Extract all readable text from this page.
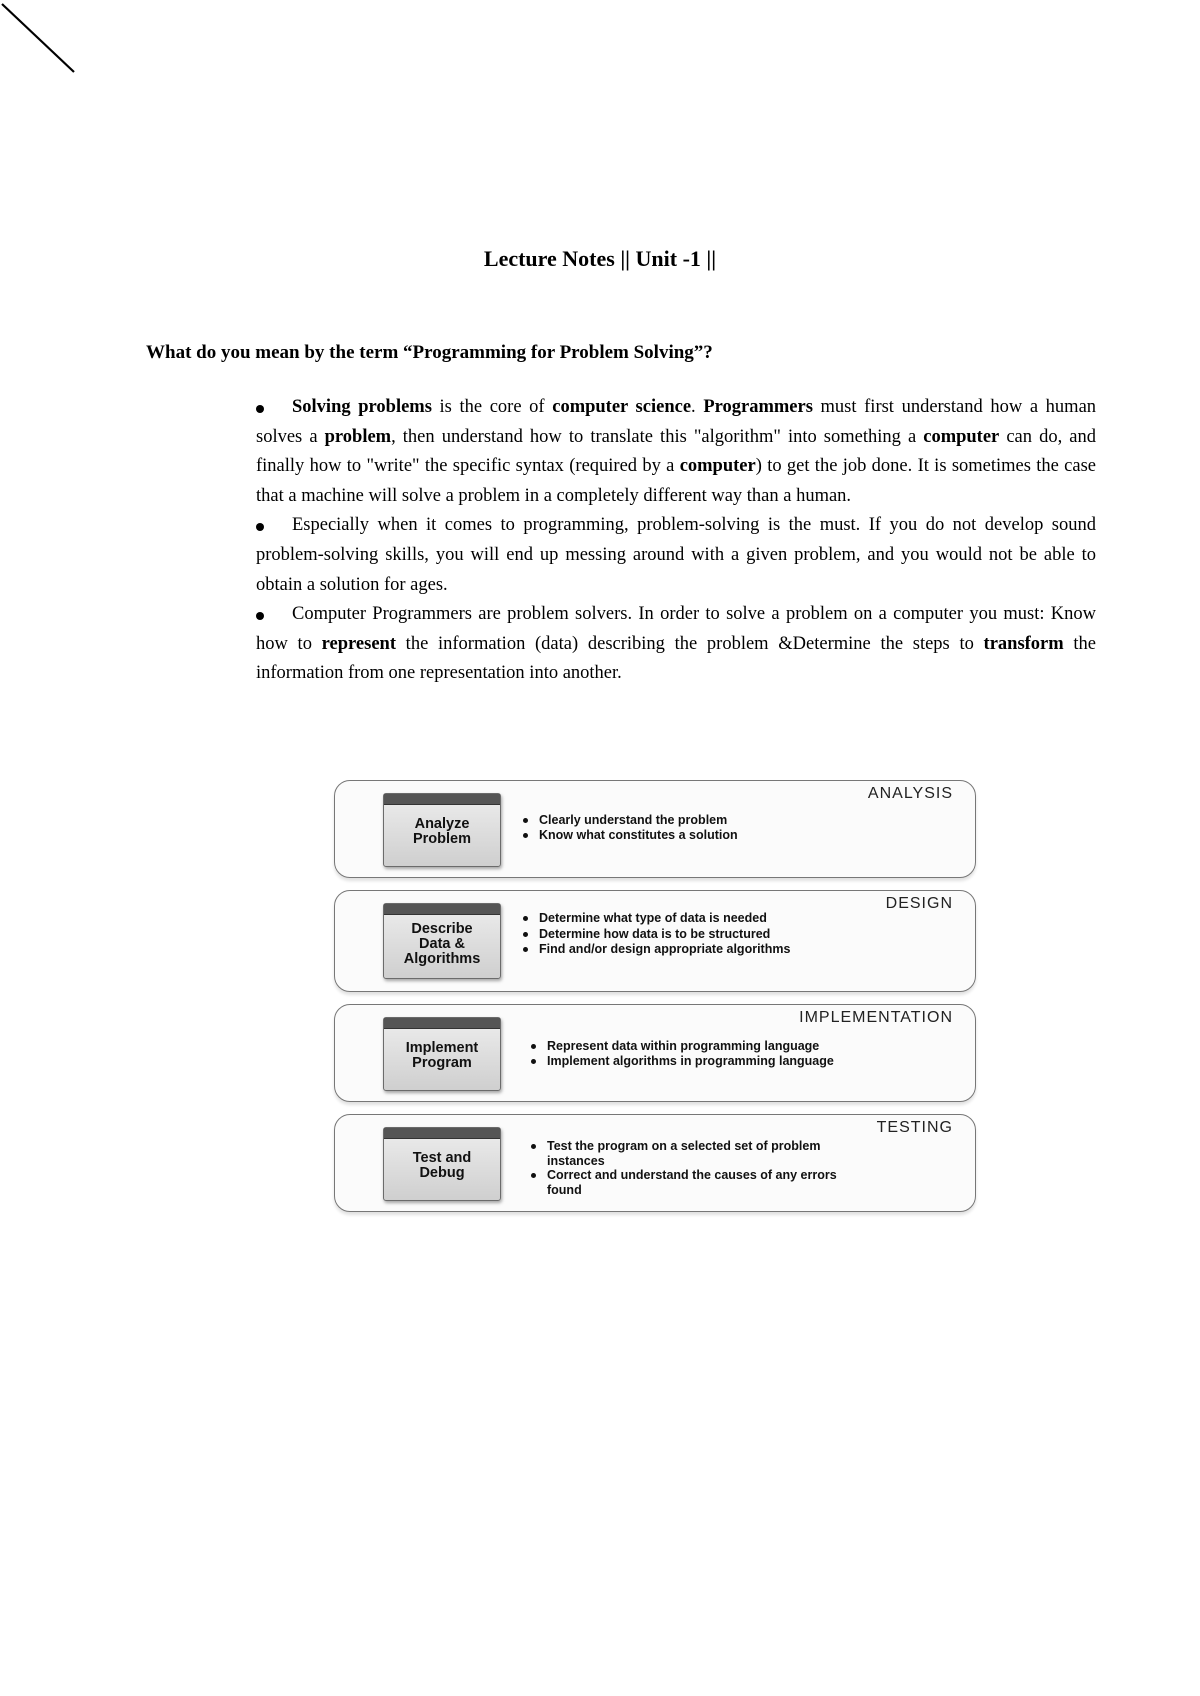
Lecture Notes || Unit -1 ||
What do you mean by the term “Programming for Problem Solving”?
Solving problems is the core of computer science. Programmers must first understand how a human solves a problem, then understand how to translate this "algorithm" into something a computer can do, and finally how to "write" the specific syntax (required by a computer) to get the job done. It is sometimes the case that a machine will solve a problem in a completely different way than a human.
Especially when it comes to programming, problem-solving is the must. If you do not develop sound problem-solving skills, you will end up messing around with a given problem, and you would not be able to obtain a solution for ages.
Computer Programmers are problem solvers. In order to solve a problem on a computer you must: Know how to represent the information (data) describing the problem &Determine the steps to transform the information from one representation into another.
ANALYSIS
Analyze
Problem
Clearly understand the problem
Know what constitutes a solution
DESIGN
Describe
Data &
Algorithms
Determine what type of data is needed
Determine how data is to be structured
Find and/or design appropriate algorithms
IMPLEMENTATION
Implement
Program
Represent data within programming language
Implement algorithms in programming language
TESTING
Test and
Debug
Test the program on a selected set of problem instances
Correct and understand the causes of any errors found
